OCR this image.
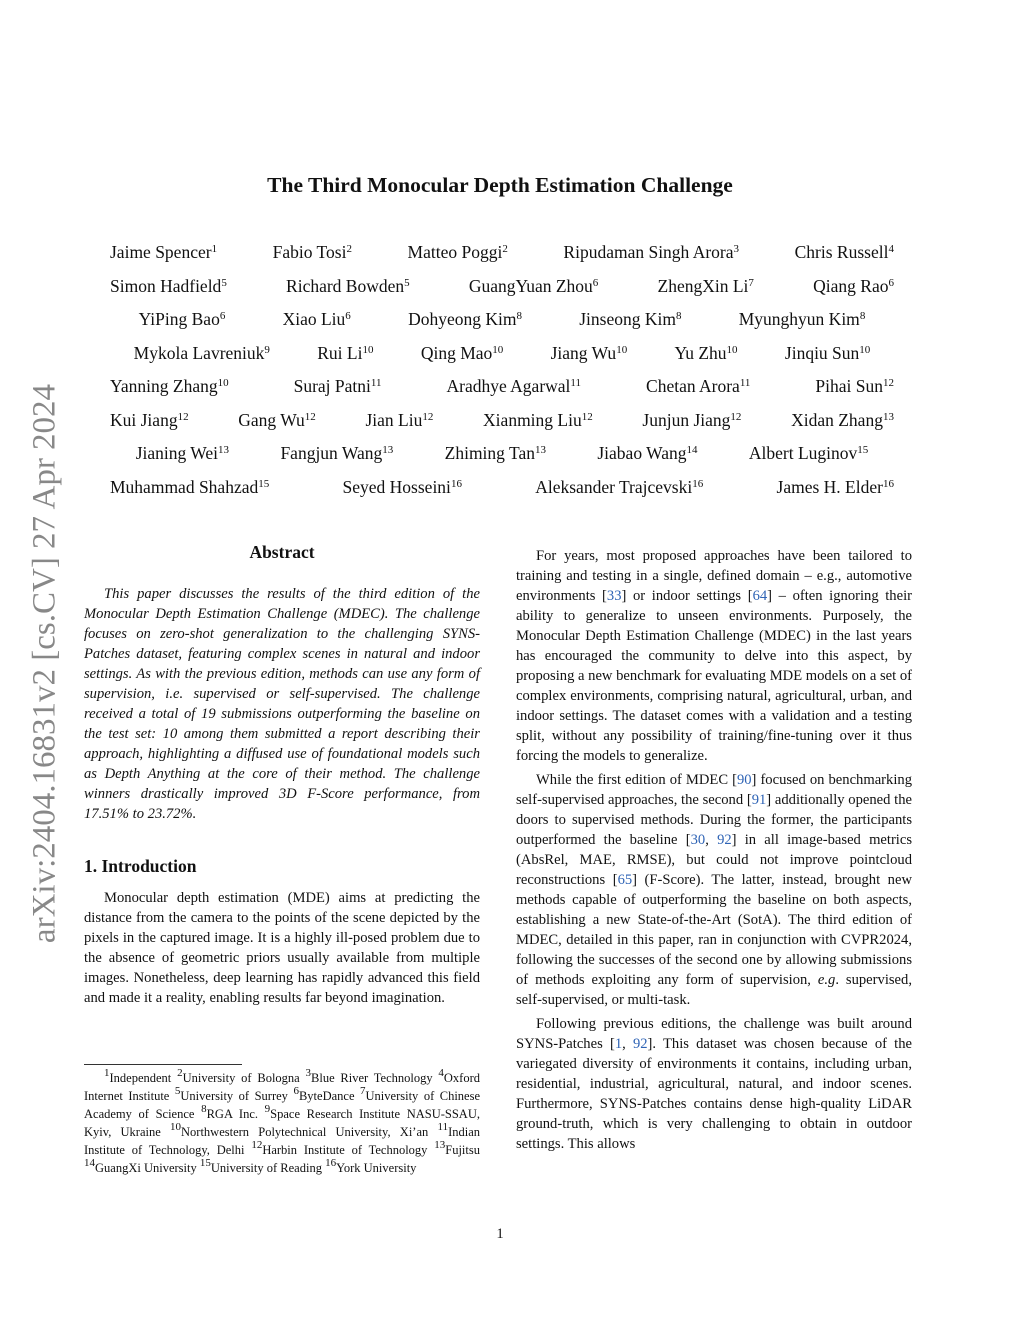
arXiv:2404.16831v2 [cs.CV] 27 Apr 2024
The Third Monocular Depth Estimation Challenge
Jaime Spencer$^1$	Fabio Tosi$^2$	Matteo Poggi$^2$	Ripudaman Singh Arora$^3$	Chris Russell$^4$
Simon Hadfield$^5$	Richard Bowden$^5$	GuangYuan Zhou$^6$	ZhengXin Li$^7$	Qiang Rao$^6$
YiPing Bao$^6$	Xiao Liu$^6$	Dohyeong Kim$^8$	Jinseong Kim$^8$	Myunghyun Kim$^8$
Mykola Lavreniuk$^9$	Rui Li$^{10}$	Qing Mao$^{10}$	Jiang Wu$^{10}$	Yu Zhu$^{10}$	Jinqiu Sun$^{10}$
Yanning Zhang$^{10}$	Suraj Patni$^{11}$	Aradhye Agarwal$^{11}$	Chetan Arora$^{11}$	Pihai Sun$^{12}$
Kui Jiang$^{12}$	Gang Wu$^{12}$	Jian Liu$^{12}$	Xianming Liu$^{12}$	Junjun Jiang$^{12}$	Xidan Zhang$^{13}$
Jianing Wei$^{13}$	Fangjun Wang$^{13}$	Zhiming Tan$^{13}$	Jiabao Wang$^{14}$	Albert Luginov$^{15}$
Muhammad Shahzad$^{15}$	Seyed Hosseini$^{16}$	Aleksander Trajcevski$^{16}$	James H. Elder$^{16}$

Abstract

This paper discusses the results of the third edition of the Monocular Depth Estimation Challenge (MDEC). The challenge focuses on zero-shot generalization to the challenging SYNS-Patches dataset, featuring complex scenes in natural and indoor settings. As with the previous edition, methods can use any form of supervision, i.e. supervised or self-supervised. The challenge received a total of 19 submissions outperforming the baseline on the test set: 10 among them submitted a report describing their approach, highlighting a diffused use of foundational models such as Depth Anything at the core of their method. The challenge winners drastically improved 3D F-Score performance, from 17.51% to 23.72%.

1. Introduction

Monocular depth estimation (MDE) aims at predicting the distance from the camera to the points of the scene depicted by the pixels in the captured image. It is a highly ill-posed problem due to the absence of geometric priors usually available from multiple images. Nonetheless, deep learning has rapidly advanced this field and made it a reality, enabling results far beyond imagination.

$^1$Independent $^2$University of Bologna $^3$Blue River Technology $^4$Oxford Internet Institute $^5$University of Surrey $^6$ByteDance $^7$University of Chinese Academy of Science $^8$RGA Inc. $^9$Space Research Institute NASU-SSAU, Kyiv, Ukraine $^{10}$Northwestern Polytechnical University, Xi’an $^{11}$Indian Institute of Technology, Delhi $^{12}$Harbin Institute of Technology $^{13}$Fujitsu $^{14}$GuangXi University $^{15}$University of Reading $^{16}$York University

For years, most proposed approaches have been tailored to training and testing in a single, defined domain – e.g., automotive environments [33] or indoor settings [64] – often ignoring their ability to generalize to unseen environments. Purposely, the Monocular Depth Estimation Challenge (MDEC) in the last years has encouraged the community to delve into this aspect, by proposing a new benchmark for evaluating MDE models on a set of complex environments, comprising natural, agricultural, urban, and indoor settings. The dataset comes with a validation and a testing split, without any possibility of training/fine-tuning over it thus forcing the models to generalize.

While the first edition of MDEC [90] focused on benchmarking self-supervised approaches, the second [91] additionally opened the doors to supervised methods. During the former, the participants outperformed the baseline [30, 92] in all image-based metrics (AbsRel, MAE, RMSE), but could not improve pointcloud reconstructions [65] (F-Score). The latter, instead, brought new methods capable of outperforming the baseline on both aspects, establishing a new State-of-the-Art (SotA). The third edition of MDEC, detailed in this paper, ran in conjunction with CVPR2024, following the successes of the second one by allowing submissions of methods exploiting any form of supervision, e.g. supervised, self-supervised, or multi-task.

Following previous editions, the challenge was built around SYNS-Patches [1, 92]. This dataset was chosen because of the variegated diversity of environments it contains, including urban, residential, industrial, agricultural, natural, and indoor scenes. Furthermore, SYNS-Patches contains dense high-quality LiDAR ground-truth, which is very challenging to obtain in outdoor settings. This allows

1
